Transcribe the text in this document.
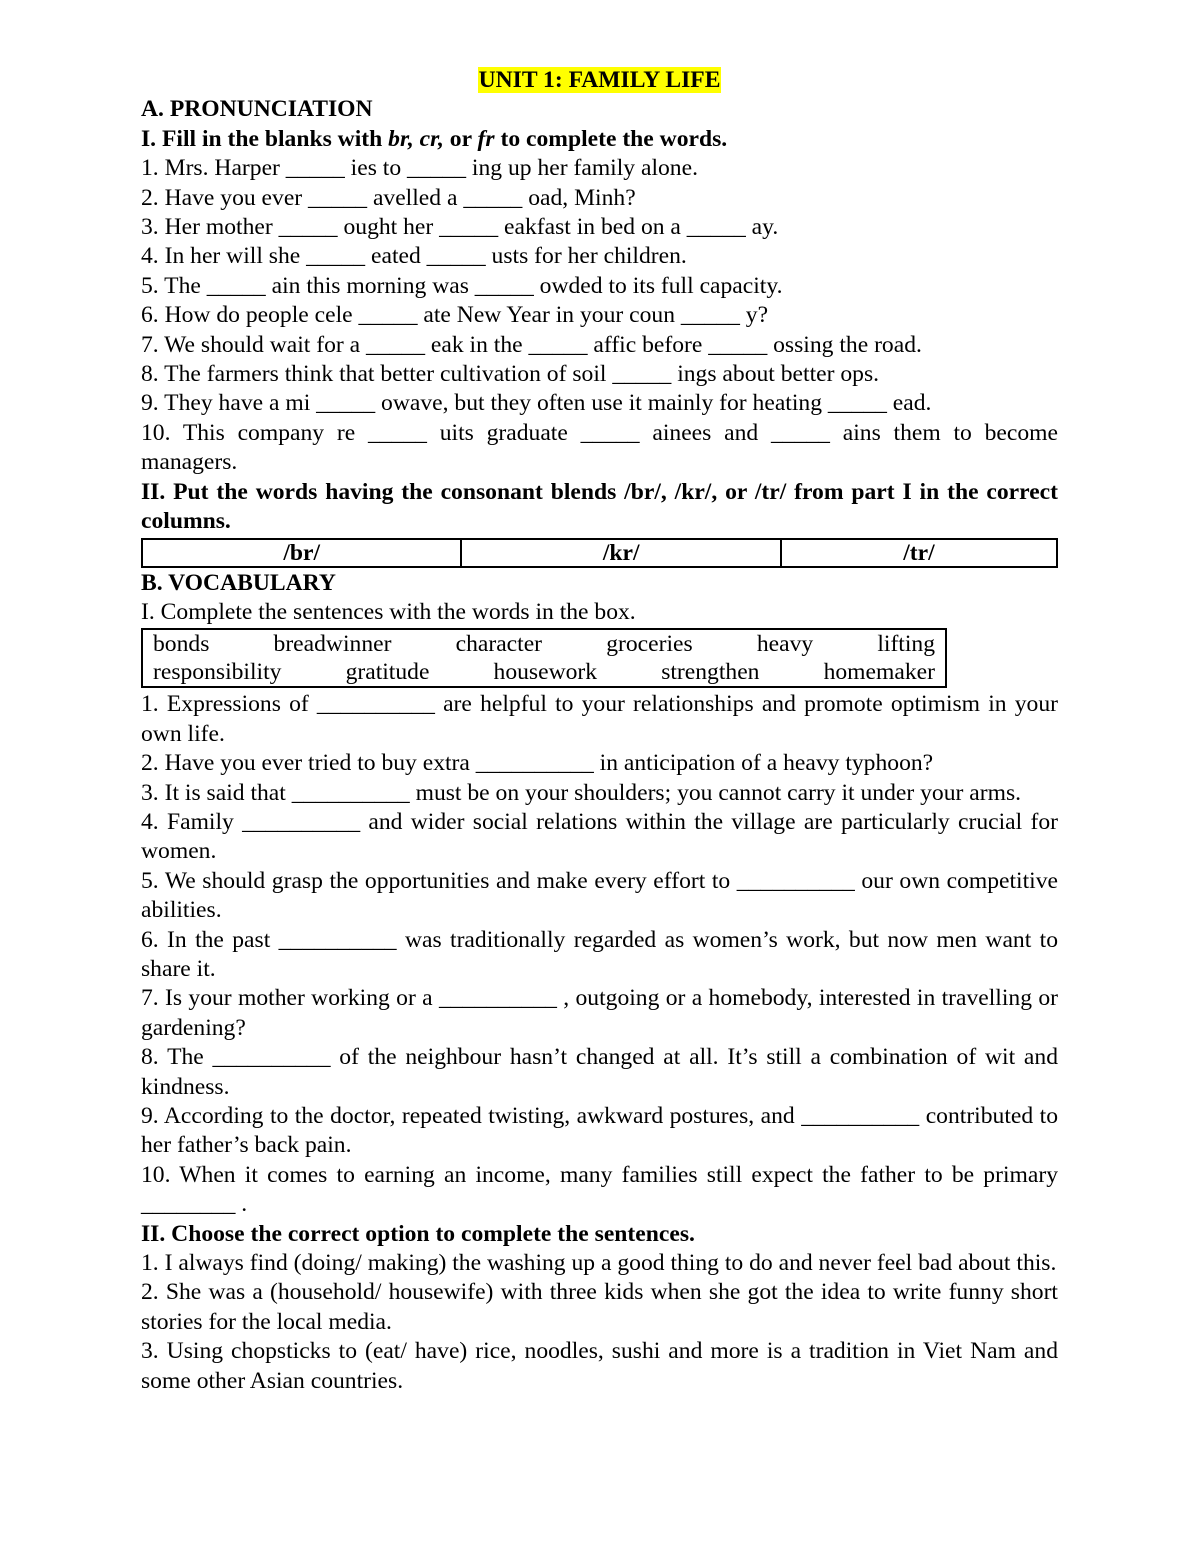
UNIT 1: FAMILY LIFE
A. PRONUNCIATION
I. Fill in the blanks with br, cr, or fr to complete the words.
1. Mrs. Harper _____ ies to _____ ing up her family alone.
2. Have you ever _____ avelled a _____ oad, Minh?
3. Her mother _____ ought her _____ eakfast in bed on a _____ ay.
4. In her will she _____ eated _____ usts for her children.
5. The _____ ain this morning was _____ owded to its full capacity.
6. How do people cele _____ ate New Year in your coun _____ y?
7. We should wait for a _____ eak in the _____ affic before _____ ossing the road.
8. The farmers think that better cultivation of soil _____ ings about better ops.
9. They have a mi _____ owave, but they often use it mainly for heating _____ ead.
10. This company re _____ uits graduate _____ ainees and _____ ains them to become managers.
II. Put the words having the consonant blends /br/, /kr/, or /tr/ from part I in the correct columns.
/br/	/kr/	/tr/
B. VOCABULARY
I. Complete the sentences with the words in the box.
bonds	breadwinner	character	groceries	heavy	lifting
responsibility	gratitude	housework	strengthen	homemaker
1. Expressions of __________ are helpful to your relationships and promote optimism in your own life.
2. Have you ever tried to buy extra __________ in anticipation of a heavy typhoon?
3. It is said that __________ must be on your shoulders; you cannot carry it under your arms.
4. Family __________ and wider social relations within the village are particularly crucial for women.
5. We should grasp the opportunities and make every effort to __________ our own competitive abilities.
6. In the past __________ was traditionally regarded as women’s work, but now men want to share it.
7. Is your mother working or a __________ , outgoing or a homebody, interested in travelling or gardening?
8. The __________ of the neighbour hasn’t changed at all. It’s still a combination of wit and kindness.
9. According to the doctor, repeated twisting, awkward postures, and __________ contributed to her father’s back pain.
10. When it comes to earning an income, many families still expect the father to be primary ________ .
II. Choose the correct option to complete the sentences.
1. I always find (doing/ making) the washing up a good thing to do and never feel bad about this.
2. She was a (household/ housewife) with three kids when she got the idea to write funny short stories for the local media.
3. Using chopsticks to (eat/ have) rice, noodles, sushi and more is a tradition in Viet Nam and some other Asian countries.
